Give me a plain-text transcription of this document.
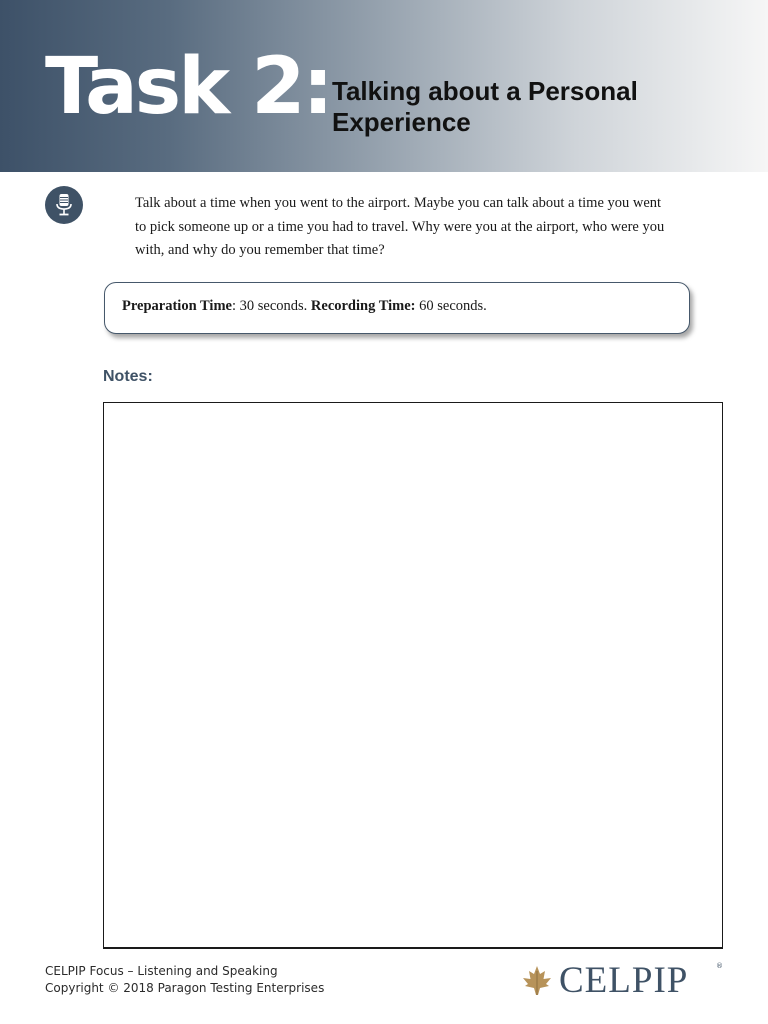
Task 2: Talking about a Personal Experience
Talk about a time when you went to the airport. Maybe you can talk about a time you went to pick someone up or a time you had to travel. Why were you at the airport, who were you with, and why do you remember that time?
Preparation Time: 30 seconds. Recording Time: 60 seconds.
Notes:
CELPIP Focus – Listening and Speaking
Copyright © 2018 Paragon Testing Enterprises	CELPIP	®
